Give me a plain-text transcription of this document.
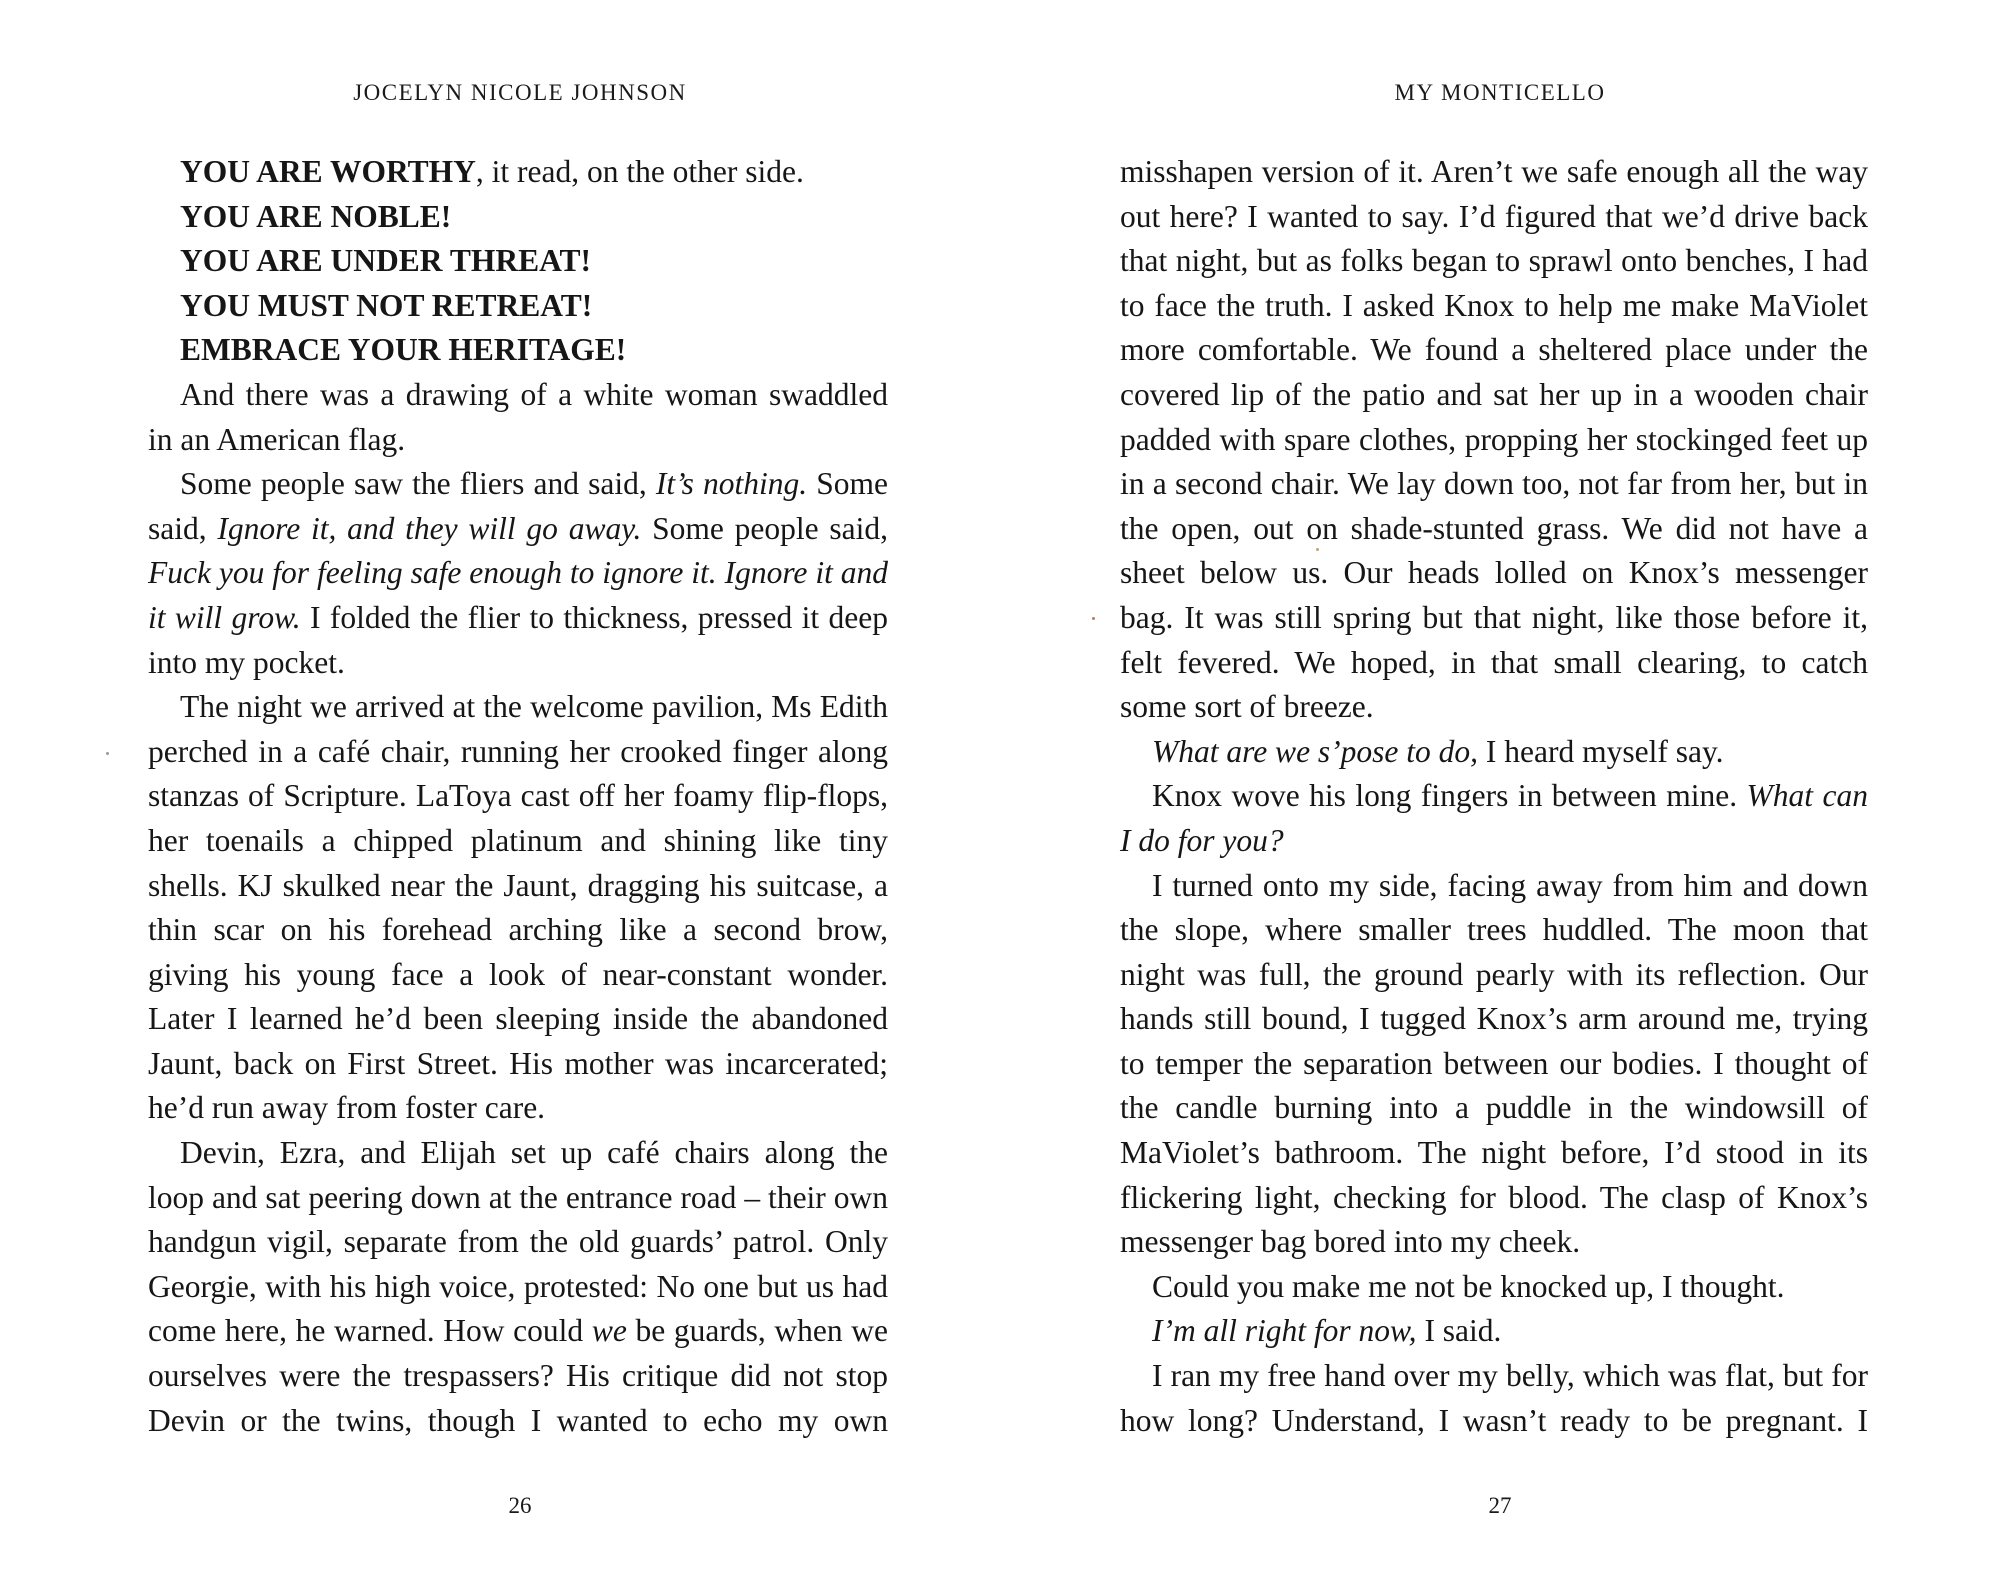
JOCELYN NICOLE JOHNSON

YOU ARE WORTHY, it read, on the other side.

YOU ARE NOBLE!

YOU ARE UNDER THREAT!

YOU MUST NOT RETREAT!

EMBRACE YOUR HERITAGE!

And there was a drawing of a white woman swaddled in an American flag.

Some people saw the fliers and said, It’s nothing. Some said, Ignore it, and they will go away. Some people said, Fuck you for feeling safe enough to ignore it. Ignore it and it will grow. I folded the flier to thickness, pressed it deep into my pocket.

The night we arrived at the welcome pavilion, Ms Edith perched in a café chair, running her crooked finger along stanzas of Scripture. LaToya cast off her foamy flip-flops, her toenails a chipped platinum and shining like tiny shells. KJ skulked near the Jaunt, dragging his suitcase, a thin scar on his forehead arching like a second brow, giving his young face a look of near-constant wonder. Later I learned he’d been sleeping inside the abandoned Jaunt, back on First Street. His mother was incarcerated; he’d run away from foster care.

Devin, Ezra, and Elijah set up café chairs along the loop and sat peering down at the entrance road – their own handgun vigil, separate from the old guards’ patrol. Only Georgie, with his high voice, protested: No one but us had come here, he warned. How could we be guards, when we ourselves were the trespassers? His critique did not stop Devin or the twins, though I wanted to echo my own

26
MY MONTICELLO

misshapen version of it. Aren’t we safe enough all the way out here? I wanted to say. I’d figured that we’d drive back that night, but as folks began to sprawl onto benches, I had to face the truth. I asked Knox to help me make MaViolet more comfortable. We found a sheltered place under the covered lip of the patio and sat her up in a wooden chair padded with spare clothes, propping her stockinged feet up in a second chair. We lay down too, not far from her, but in the open, out on shade-stunted grass. We did not have a sheet below us. Our heads lolled on Knox’s messenger bag. It was still spring but that night, like those before it, felt fevered. We hoped, in that small clearing, to catch some sort of breeze.

What are we s’pose to do, I heard myself say.

Knox wove his long fingers in between mine. What can I do for you?

I turned onto my side, facing away from him and down the slope, where smaller trees huddled. The moon that night was full, the ground pearly with its reflection. Our hands still bound, I tugged Knox’s arm around me, trying to temper the separation between our bodies. I thought of the candle burning into a puddle in the windowsill of MaViolet’s bathroom. The night before, I’d stood in its flickering light, checking for blood. The clasp of Knox’s messenger bag bored into my cheek.

Could you make me not be knocked up, I thought.

I’m all right for now, I said.

I ran my free hand over my belly, which was flat, but for how long? Understand, I wasn’t ready to be pregnant. I

27
